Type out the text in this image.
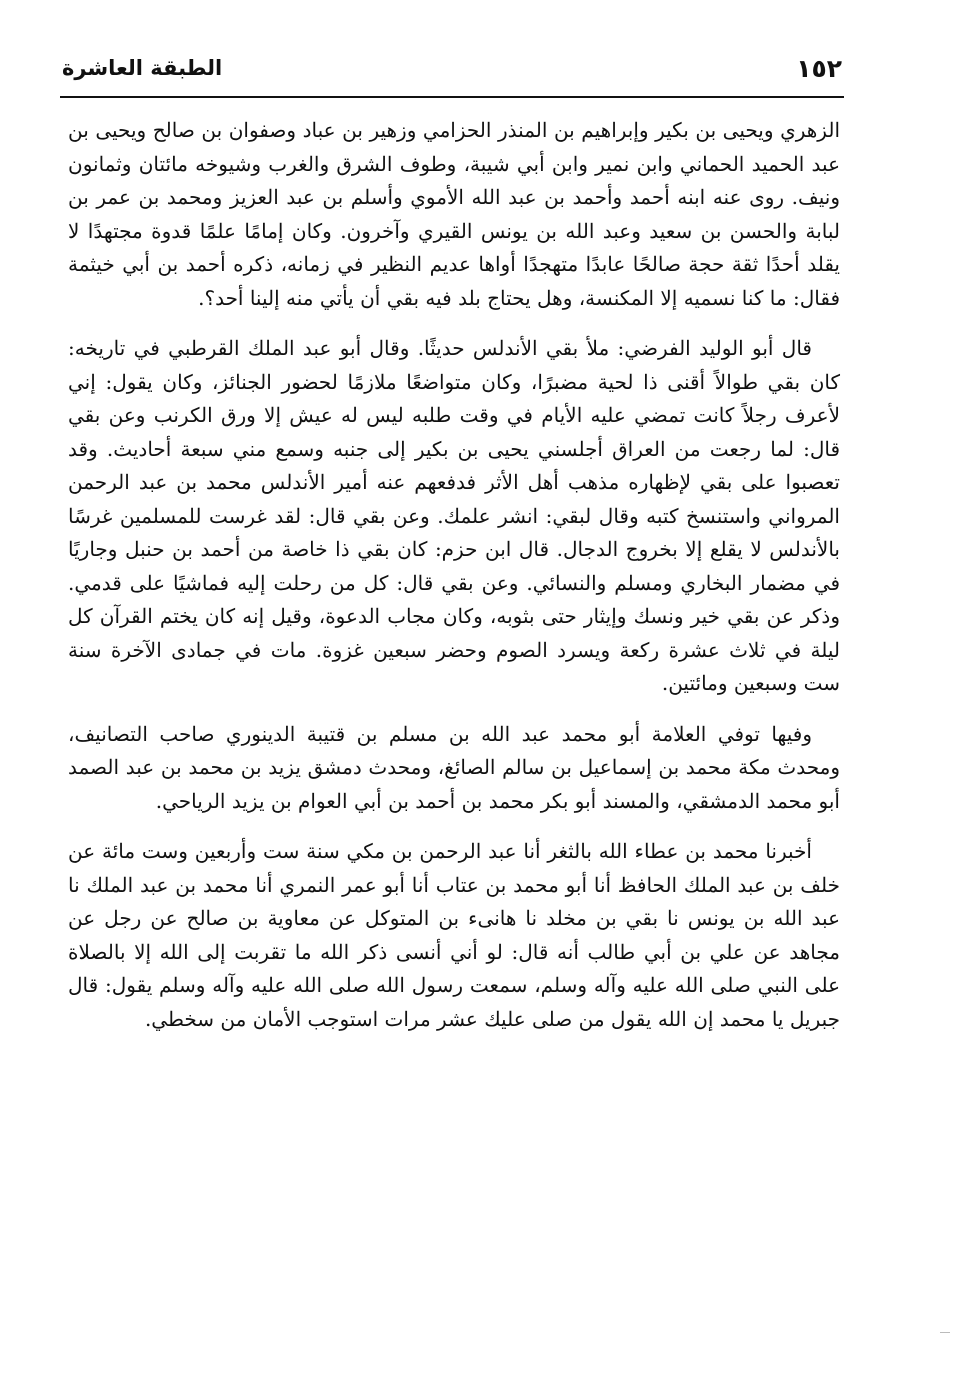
١٥٢
الطبقة العاشرة

الزهري ويحيى بن بكير وإبراهيم بن المنذر الحزامي وزهير بن عباد وصفوان بن صالح ويحيى بن عبد الحميد الحماني وابن نمير وابن أبي شيبة، وطوف الشرق والغرب وشيوخه مائتان وثمانون ونيف. روى عنه ابنه أحمد وأحمد بن عبد الله الأموي وأسلم بن عبد العزيز ومحمد بن عمر بن لبابة والحسن بن سعيد وعبد الله بن يونس القيري وآخرون. وكان إمامًا علمًا قدوة مجتهدًا لا يقلد أحدًا ثقة حجة صالحًا عابدًا متهجدًا أواها عديم النظير في زمانه، ذكره أحمد بن أبي خيثمة فقال: ما كنا نسميه إلا المكنسة، وهل يحتاج بلد فيه بقي أن يأتي منه إلينا أحد؟.

قال أبو الوليد الفرضي: ملأ بقي الأندلس حديثًا. وقال أبو عبد الملك القرطبي في تاريخه: كان بقي طوالاً أقنى ذا لحية مضبرًا، وكان متواضعًا ملازمًا لحضور الجنائز، وكان يقول: إني لأعرف رجلاً كانت تمضي عليه الأيام في وقت طلبه ليس له عيش إلا ورق الكرنب وعن بقي قال: لما رجعت من العراق أجلسني يحيى بن بكير إلى جنبه وسمع مني سبعة أحاديث. وقد تعصبوا على بقي لإظهاره مذهب أهل الأثر فدفعهم عنه أمير الأندلس محمد بن عبد الرحمن المرواني واستنسخ كتبه وقال لبقي: انشر علمك. وعن بقي قال: لقد غرست للمسلمين غرسًا بالأندلس لا يقلع إلا بخروج الدجال. قال ابن حزم: كان بقي ذا خاصة من أحمد بن حنبل وجاريًا في مضمار البخاري ومسلم والنسائي. وعن بقي قال: كل من رحلت إليه فماشيًا على قدمي. وذكر عن بقي خير ونسك وإيثار حتى بثوبه، وكان مجاب الدعوة، وقيل إنه كان يختم القرآن كل ليلة في ثلاث عشرة ركعة ويسرد الصوم وحضر سبعين غزوة. مات في جمادى الآخرة سنة ست وسبعين ومائتين.

وفيها توفي العلامة أبو محمد عبد الله بن مسلم بن قتيبة الدينوري صاحب التصانيف، ومحدث مكة محمد بن إسماعيل بن سالم الصائغ، ومحدث دمشق يزيد بن محمد بن عبد الصمد أبو محمد الدمشقي، والمسند أبو بكر محمد بن أحمد بن أبي العوام بن يزيد الرياحي.

أخبرنا محمد بن عطاء الله بالثغر أنا عبد الرحمن بن مكي سنة ست وأربعين وست مائة عن خلف بن عبد الملك الحافظ أنا أبو محمد بن عتاب أنا أبو عمر النمري أنا محمد بن عبد الملك نا عبد الله بن يونس نا بقي بن مخلد نا هانىء بن المتوكل عن معاوية بن صالح عن رجل عن مجاهد عن علي بن أبي طالب أنه قال: لو أني أنسى ذكر الله ما تقربت إلى الله إلا بالصلاة على النبي صلى الله عليه وآله وسلم، سمعت رسول الله صلى الله عليه وآله وسلم يقول: قال جبريل يا محمد إن الله يقول من صلى عليك عشر مرات استوجب الأمان من سخطي.
